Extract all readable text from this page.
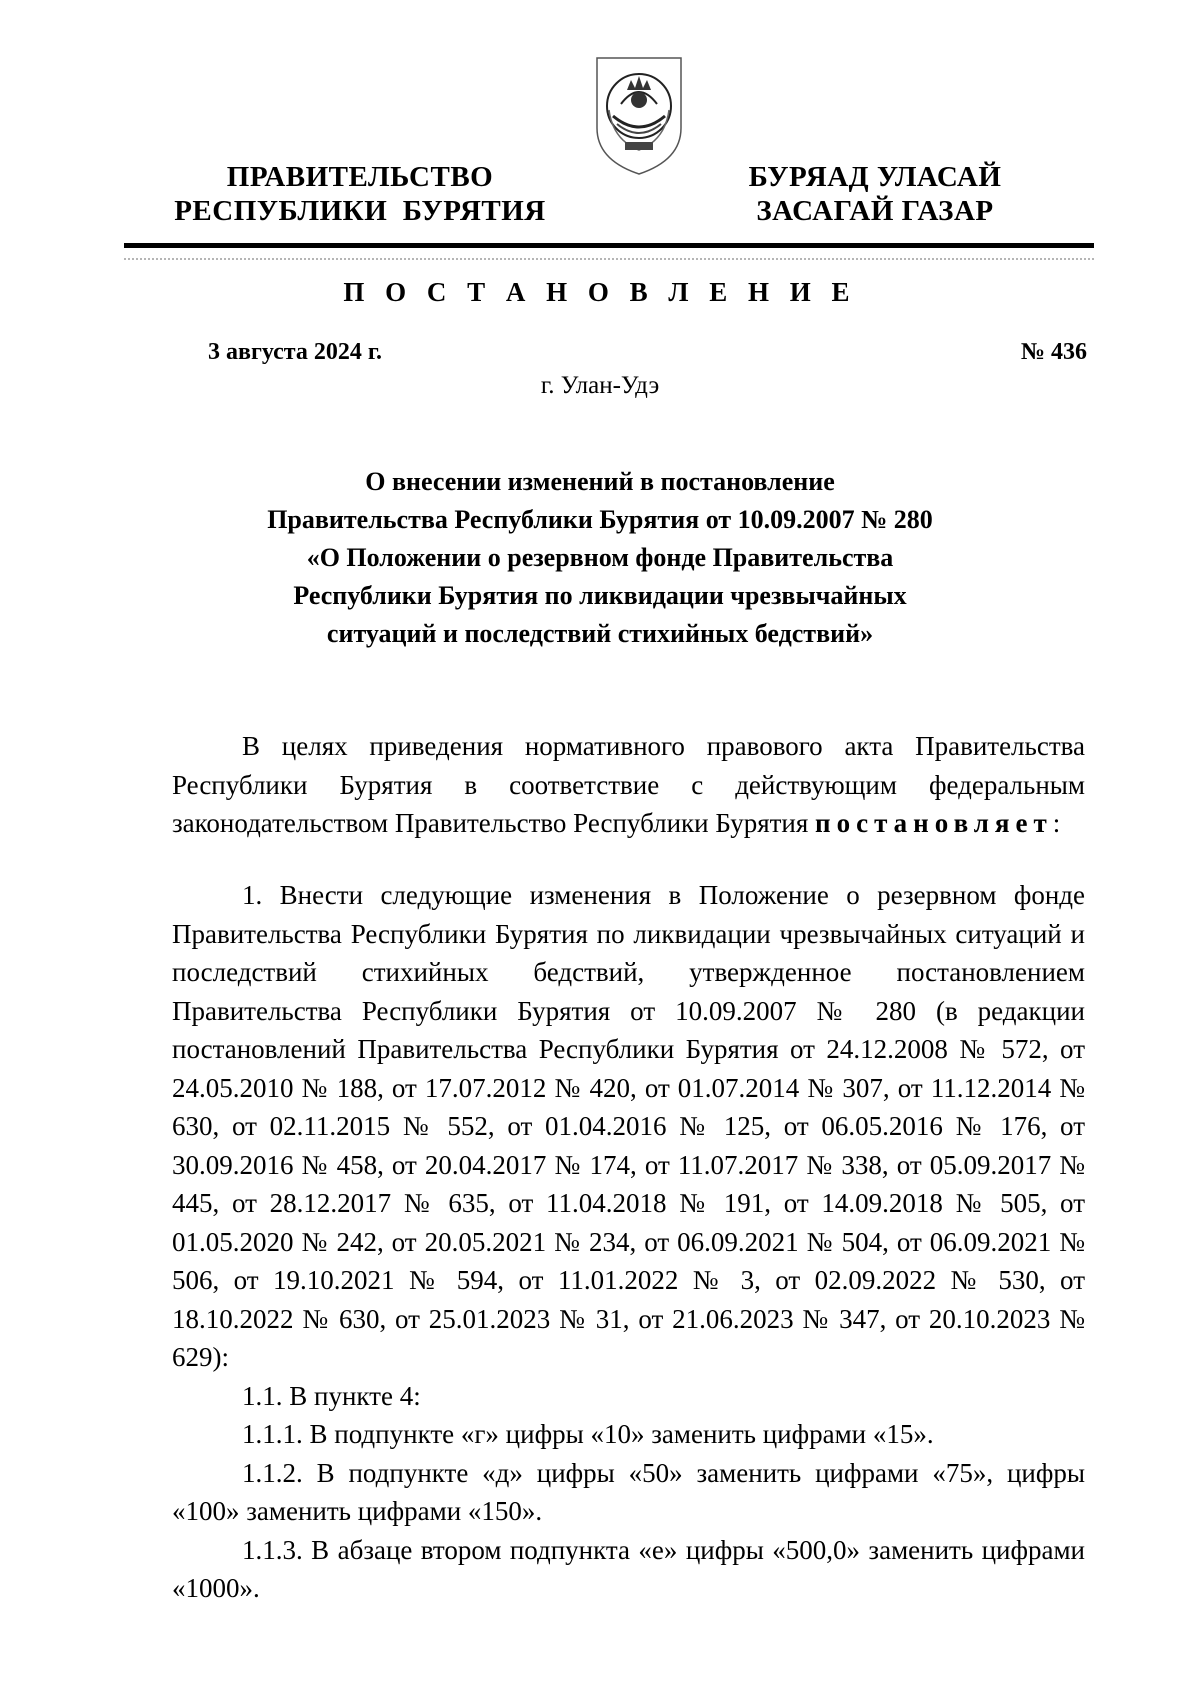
ПРАВИТЕЛЬСТВО
РЕСПУБЛИКИ  БУРЯТИЯ
БУРЯАД УЛАСАЙ
ЗАСАГАЙ ГАЗАР
П О С Т А Н О В Л Е Н И Е
3 августа 2024 г.	№ 436
г. Улан-Удэ
О внесении изменений в постановление
Правительства Республики Бурятия от 10.09.2007 № 280
«О Положении о резервном фонде Правительства
Республики Бурятия по ликвидации чрезвычайных
ситуаций и последствий стихийных бедствий»

В целях приведения нормативного правового акта Правительства Республики Бурятия в соответствие с действующим федеральным законодательством Правительство Республики Бурятия постановляет:

1. Внести следующие изменения в Положение о резервном фонде Правительства Республики Бурятия по ликвидации чрезвычайных ситуаций и последствий стихийных бедствий, утвержденное постановлением Правительства Республики Бурятия от 10.09.2007 № 280 (в редакции постановлений Правительства Республики Бурятия от 24.12.2008 № 572, от 24.05.2010 № 188, от 17.07.2012 № 420, от 01.07.2014 № 307, от 11.12.2014 № 630, от 02.11.2015 № 552, от 01.04.2016 № 125, от 06.05.2016 № 176, от 30.09.2016 № 458, от 20.04.2017 № 174, от 11.07.2017 № 338, от 05.09.2017 № 445, от 28.12.2017 № 635, от 11.04.2018 № 191, от 14.09.2018 № 505, от 01.05.2020 № 242, от 20.05.2021 № 234, от 06.09.2021 № 504, от 06.09.2021 № 506, от 19.10.2021 № 594, от 11.01.2022 № 3, от 02.09.2022 № 530, от 18.10.2022 № 630, от 25.01.2023 № 31, от 21.06.2023 № 347, от 20.10.2023 № 629):

1.1. В пункте 4:

1.1.1. В подпункте «г» цифры «10» заменить цифрами «15».

1.1.2. В подпункте «д» цифры «50» заменить цифрами «75», цифры «100» заменить цифрами «150».

1.1.3. В абзаце втором подпункта «е» цифры «500,0» заменить цифрами «1000».
